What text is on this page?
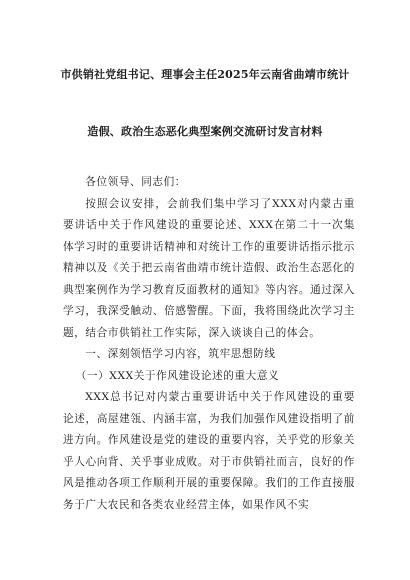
市供销社党组书记、理事会主任2025年云南省曲靖市统计
造假、政治生态恶化典型案例交流研讨发言材料

各位领导、同志们：

按照会议安排，会前我们集中学习了XXX对内蒙古重要讲话中关于作风建设的重要论述、XXX在第二十一次集体学习时的重要讲话精神和对统计工作的重要讲话指示批示精神以及《关于把云南省曲靖市统计造假、政治生态恶化的典型案例作为学习教育反面教材的通知》等内容。通过深入学习，我深受触动、倍感警醒。下面，我将围绕此次学习主题，结合市供销社工作实际，深入谈谈自己的体会。

一、深刻领悟学习内容，筑牢思想防线

（一）XXX关于作风建设论述的重大意义

XXX总书记对内蒙古重要讲话中关于作风建设的重要论述，高屋建瓴、内涵丰富，为我们加强作风建设指明了前进方向。作风建设是党的建设的重要内容，关乎党的形象关乎人心向背、关乎事业成败。对于市供销社而言，良好的作风是推动各项工作顺利开展的重要保障。我们的工作直接服务于广大农民和各类农业经营主体，如果作风不实
